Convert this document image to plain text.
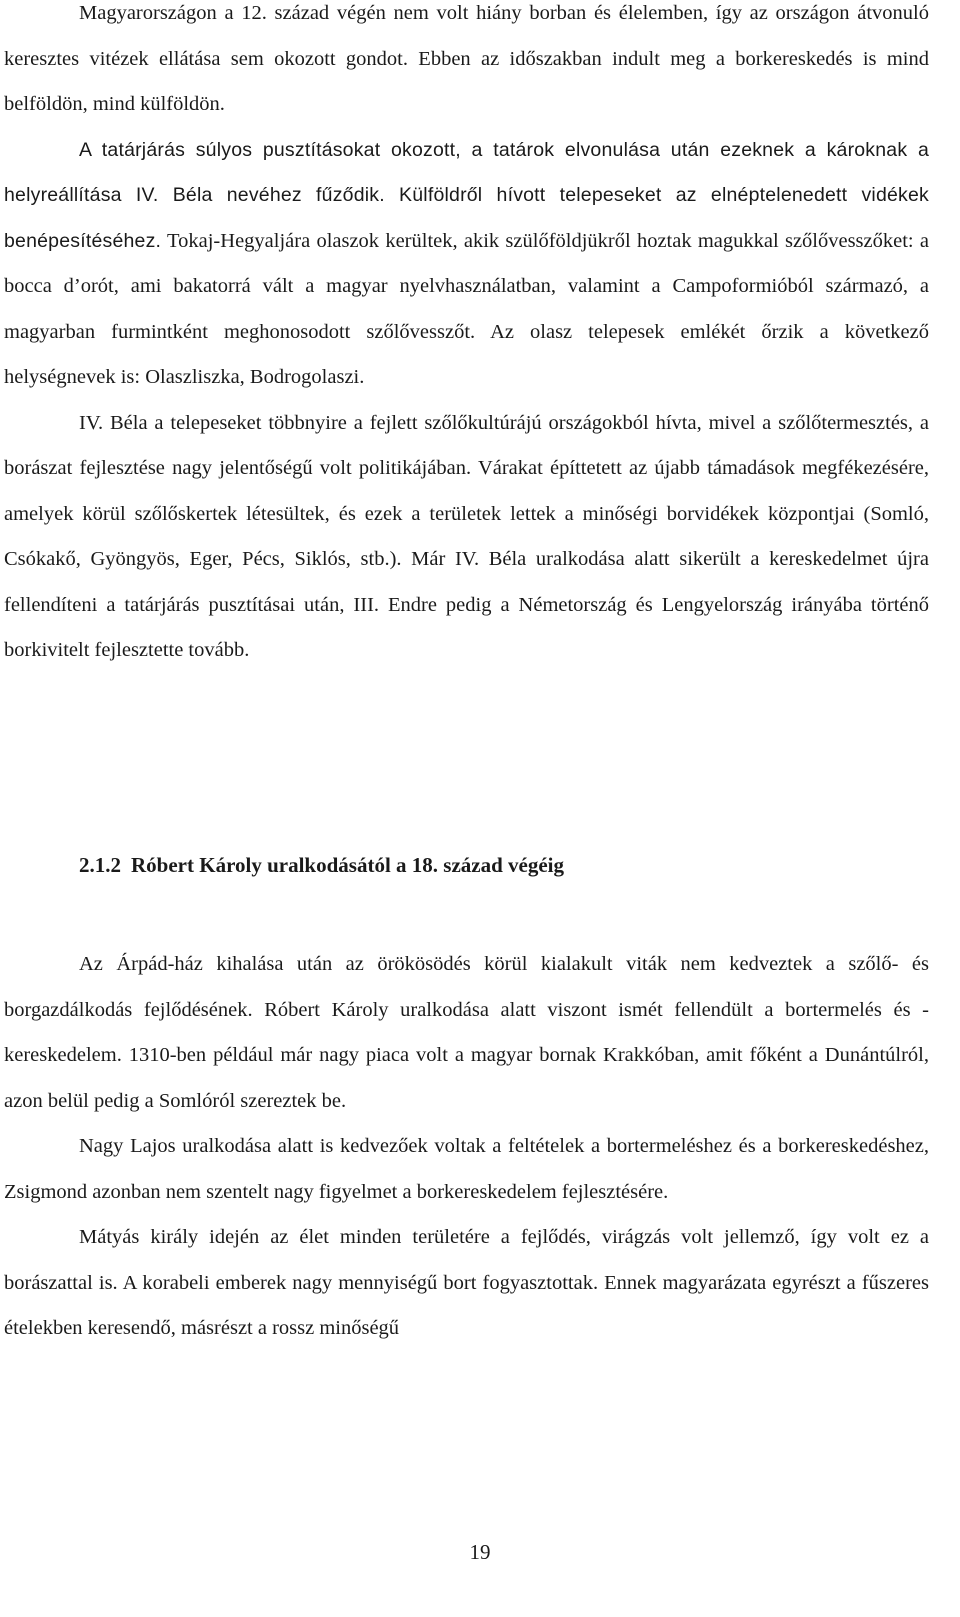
Magyarországon a 12. század végén nem volt hiány borban és élelemben, így az országon átvonuló keresztes vitézek ellátása sem okozott gondot. Ebben az időszakban indult meg a borkereskedés is mind belföldön, mind külföldön.

A tatárjárás súlyos pusztításokat okozott, a tatárok elvonulása után ezeknek a károknak a helyreállítása IV. Béla nevéhez fűződik. Külföldről hívott telepeseket az elnéptelenedett vidékek benépesítéséhez. Tokaj-Hegyaljára olaszok kerültek, akik szülőföldjükről hoztak magukkal szőlővesszőket: a bocca d’orót, ami bakatorrá vált a magyar nyelvhasználatban, valamint a Campoformióból származó, a magyarban furmintként meghonosodott szőlővesszőt. Az olasz telepesek emlékét őrzik a következő helységnevek is: Olaszliszka, Bodrogolaszi.

IV. Béla a telepeseket többnyire a fejlett szőlőkultúrájú országokból hívta, mivel a szőlőtermesztés, a borászat fejlesztése nagy jelentőségű volt politikájában. Várakat építtetett az újabb támadások megfékezésére, amelyek körül szőlőskertek létesültek, és ezek a területek lettek a minőségi borvidékek központjai (Somló, Csókakő, Gyöngyös, Eger, Pécs, Siklós, stb.). Már IV. Béla uralkodása alatt sikerült a kereskedelmet újra fellendíteni a tatárjárás pusztításai után, III. Endre pedig a Németország és Lengyelország irányába történő borkivitelt fejlesztette tovább.

2.1.2 Róbert Károly uralkodásától a 18. század végéig

Az Árpád-ház kihalása után az örökösödés körül kialakult viták nem kedveztek a szőlő- és borgazdálkodás fejlődésének. Róbert Károly uralkodása alatt viszont ismét fellendült a bortermelés és -kereskedelem. 1310-ben például már nagy piaca volt a magyar bornak Krakkóban, amit főként a Dunántúlról, azon belül pedig a Somlóról szereztek be.

Nagy Lajos uralkodása alatt is kedvezőek voltak a feltételek a bortermeléshez és a borkereskedéshez, Zsigmond azonban nem szentelt nagy figyelmet a borkereskedelem fejlesztésére.

Mátyás király idején az élet minden területére a fejlődés, virágzás volt jellemző, így volt ez a borászattal is. A korabeli emberek nagy mennyiségű bort fogyasztottak. Ennek magyarázata egyrészt a fűszeres ételekben keresendő, másrészt a rossz minőségű

19
